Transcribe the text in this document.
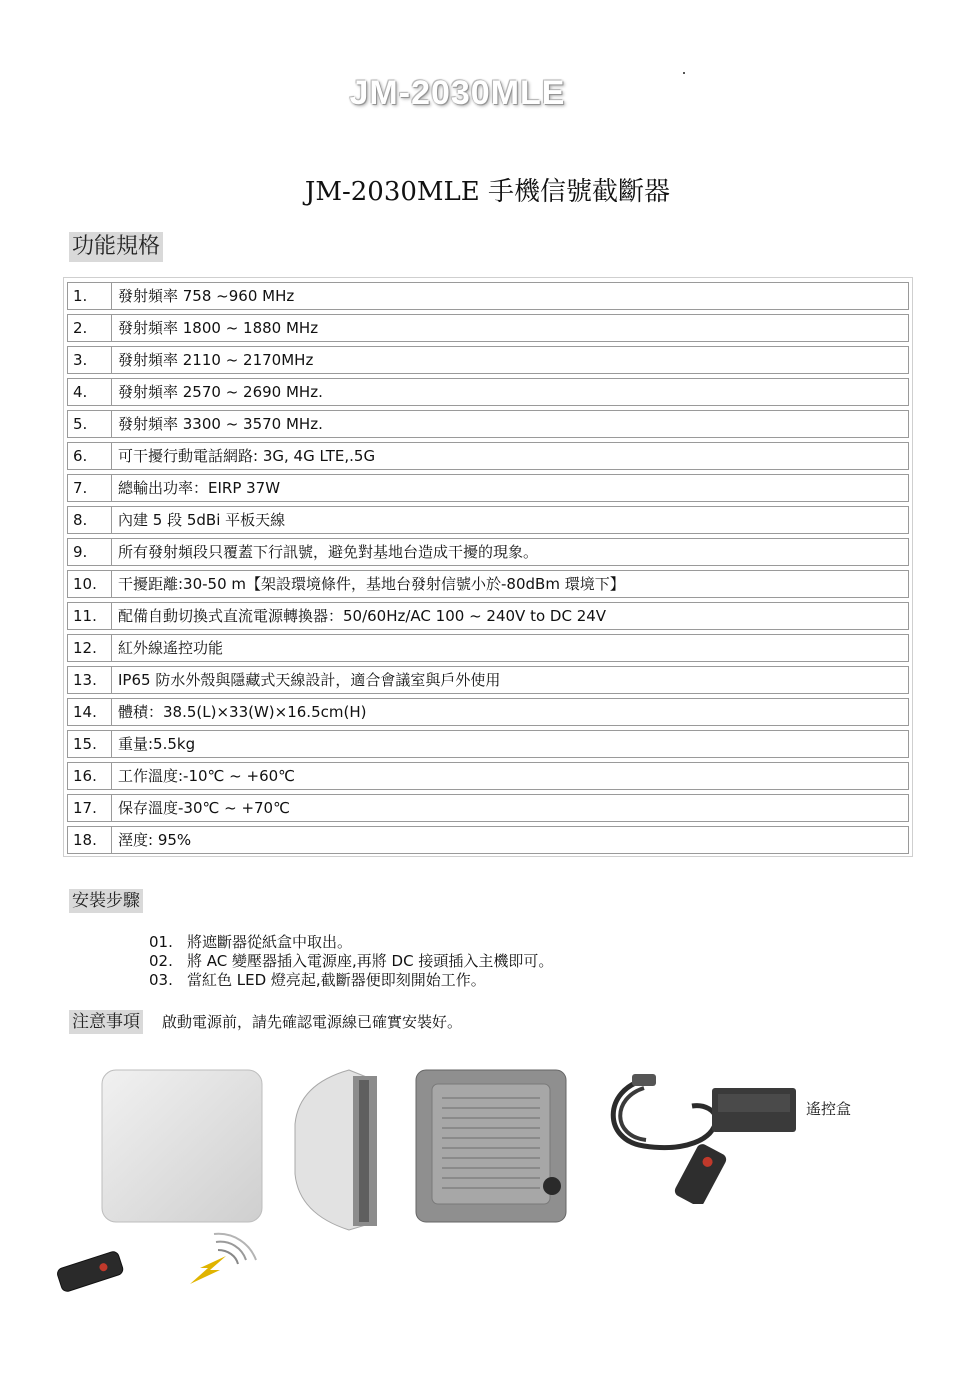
JM-2030MLE
JM-2030MLE 手機信號截斷器
功能規格
1.	發射頻率 758 ~960 MHz
2.	發射頻率 1800 ~ 1880 MHz
3.	發射頻率 2110 ~ 2170MHz
4.	發射頻率 2570 ~ 2690 MHz.
5.	發射頻率 3300 ~ 3570 MHz.
6.	可干擾行動電話網路: 3G, 4G LTE,.5G
7.	總輸出功率：EIRP 37W
8.	內建 5 段 5dBi 平板天線
9.	所有發射頻段只覆蓋下行訊號，避免對基地台造成干擾的現象。
10.	干擾距離:30-50 m【架設環境條件，基地台發射信號小於-80dBm 環境下】
11.	配備自動切換式直流電源轉換器：50/60Hz/AC 100 ~ 240V to DC 24V
12.	紅外線遙控功能
13.	IP65 防水外殼與隱藏式天線設計，適合會議室與戶外使用
14.	體積：38.5(L)×33(W)×16.5cm(H)
15.	重量:5.5kg
16.	工作溫度:-10℃ ~ +60℃
17.	保存溫度-30℃ ~ +70℃
18.	溼度: 95%
安裝步驟
01. 將遮斷器從紙盒中取出。
02. 將 AC 變壓器插入電源座,再將 DC 接頭插入主機即可。
03. 當紅色 LED 燈亮起,截斷器便即刻開始工作。
注意事項 啟動電源前，請先確認電源線已確實安裝好。
遙控盒
